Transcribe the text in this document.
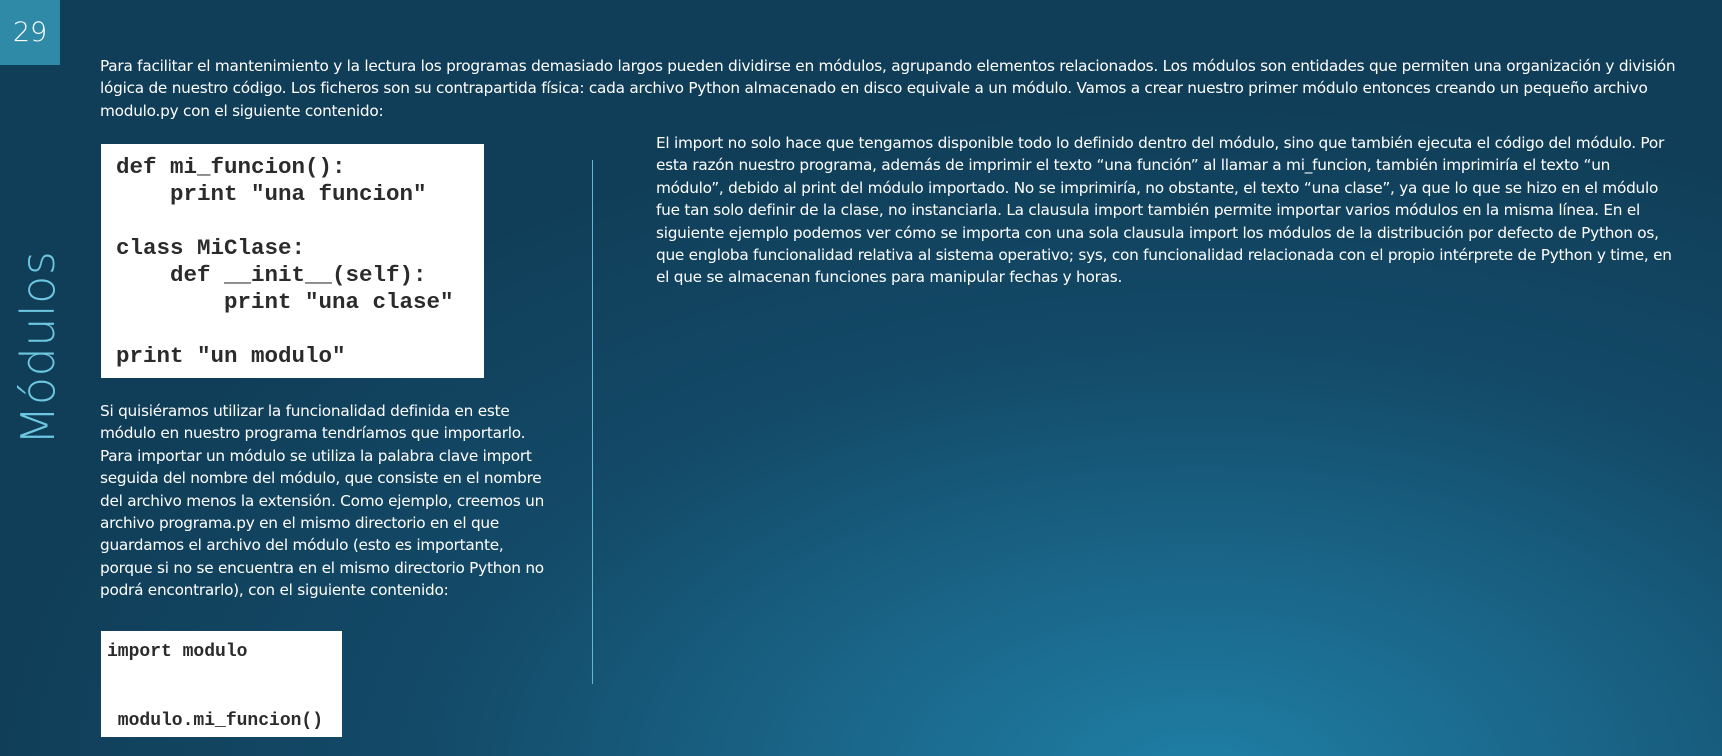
29
Módulos
Para facilitar el mantenimiento y la lectura los programas demasiado largos pueden dividirse en módulos, agrupando elementos relacionados. Los módulos son entidades que permiten una organización y división lógica de nuestro código. Los ficheros son su contrapartida física: cada archivo Python almacenado en disco equivale a un módulo. Vamos a crear nuestro primer módulo entonces creando un pequeño archivo modulo.py con el siguiente contenido:
def mi_funcion():
print "una funcion"

class MiClase:
def __init__(self):
print "una clase"

print "un modulo"
Si quisiéramos utilizar la funcionalidad definida en este módulo en nuestro programa tendríamos que importarlo. Para importar un módulo se utiliza la palabra clave import seguida del nombre del módulo, que consiste en el nombre del archivo menos la extensión. Como ejemplo, creemos un archivo programa.py en el mismo directorio en el que guardamos el archivo del módulo (esto es importante, porque si no se encuentra en el mismo directorio Python no podrá encontrarlo), con el siguiente contenido:
import modulo

modulo.mi_funcion()
El import no solo hace que tengamos disponible todo lo definido dentro del módulo, sino que también ejecuta el código del módulo. Por esta razón nuestro programa, además de imprimir el texto “una función” al llamar a mi_funcion, también imprimiría el texto “un módulo”, debido al print del módulo importado. No se imprimiría, no obstante, el texto “una clase”, ya que lo que se hizo en el módulo fue tan solo definir de la clase, no instanciarla. La clausula import también permite importar varios módulos en la misma línea. En el siguiente ejemplo podemos ver cómo se importa con una sola clausula import los módulos de la distribución por defecto de Python os, que engloba funcionalidad relativa al sistema operativo; sys, con funcionalidad relacionada con el propio intérprete de Python y time, en el que se almacenan funciones para manipular fechas y horas.
